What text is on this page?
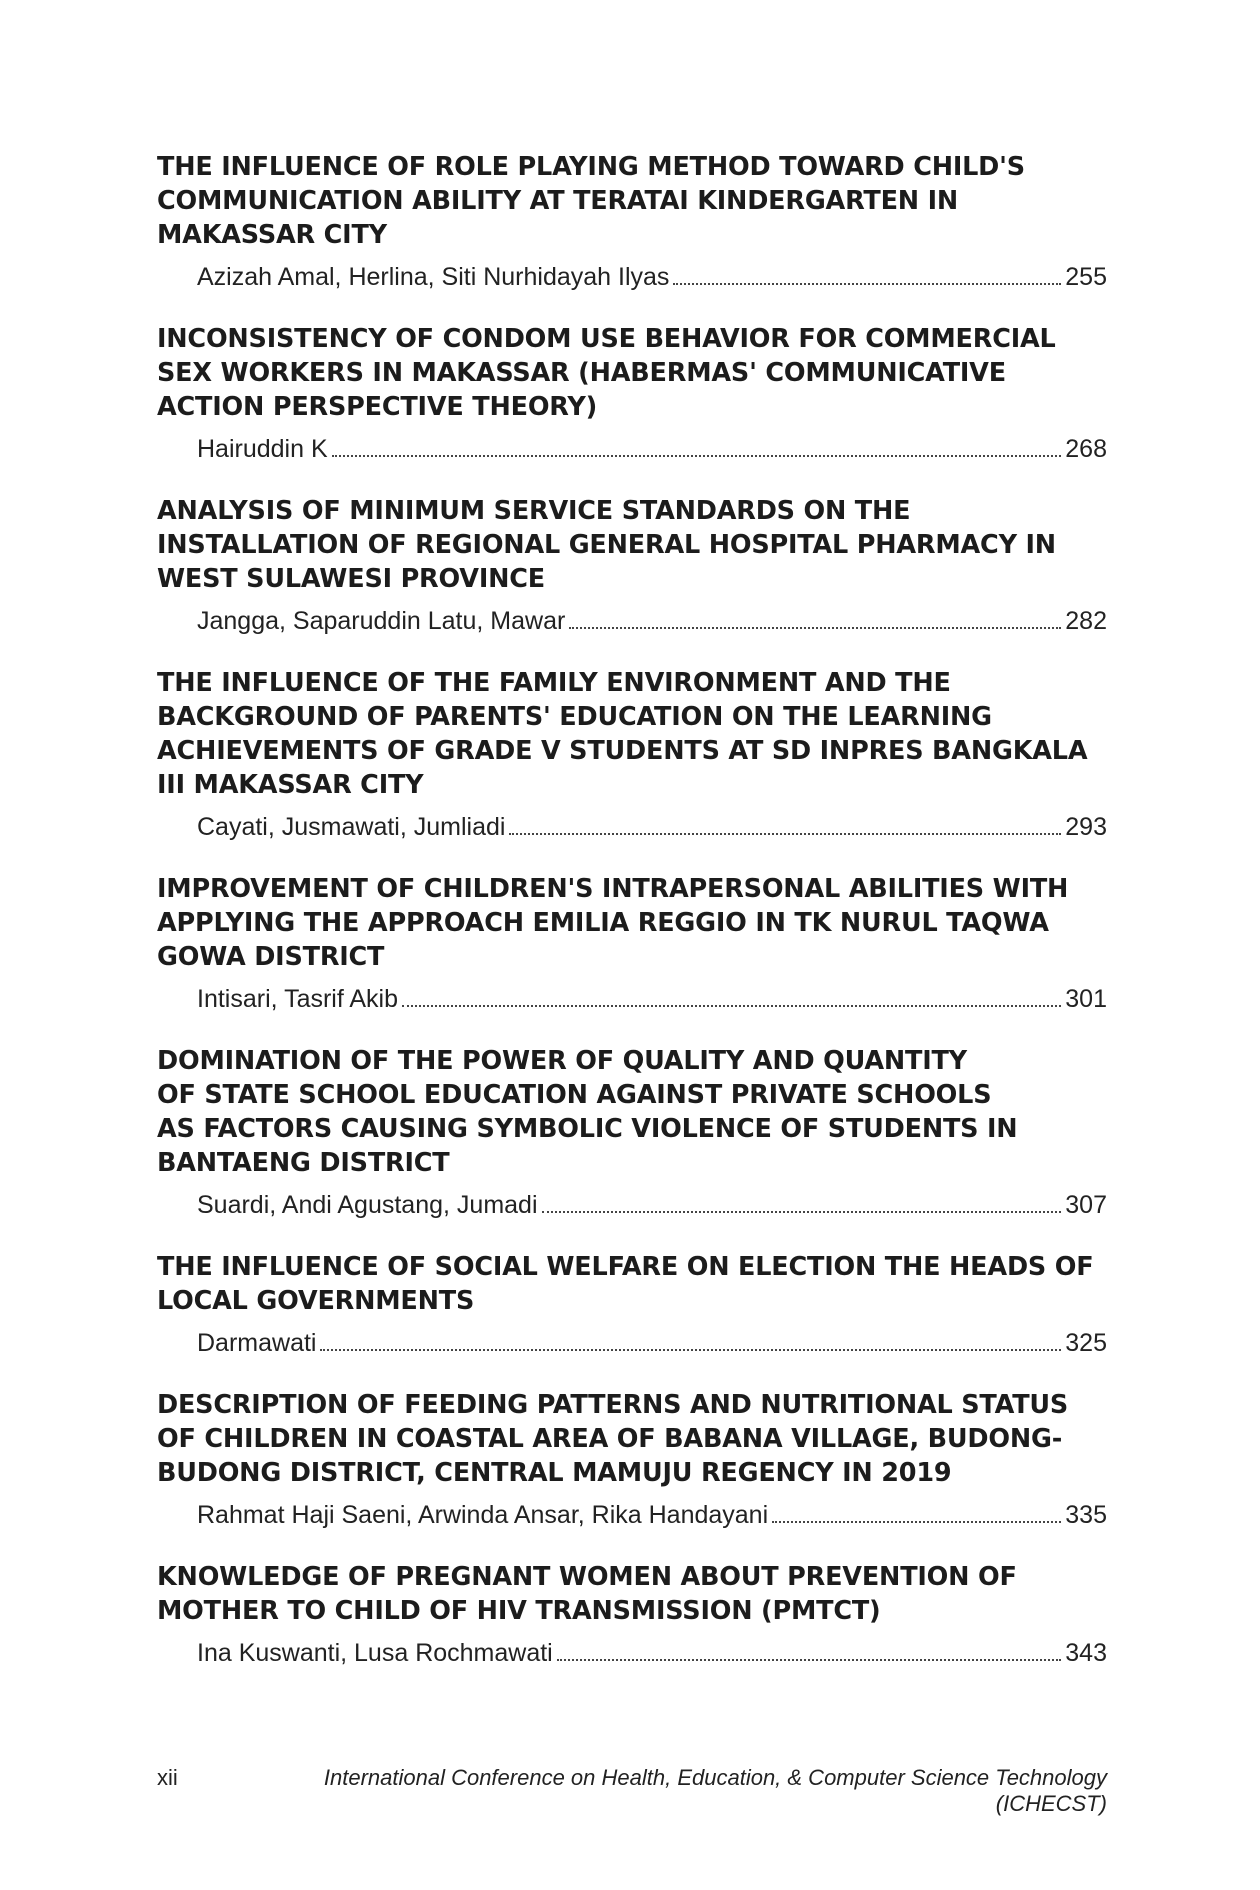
THE INFLUENCE OF ROLE PLAYING METHOD TOWARD CHILD'S
COMMUNICATION ABILITY AT TERATAI KINDERGARTEN IN
MAKASSAR CITY
Azizah Amal, Herlina, Siti Nurhidayah Ilyas	255
INCONSISTENCY OF CONDOM USE BEHAVIOR FOR COMMERCIAL
SEX WORKERS IN MAKASSAR (HABERMAS' COMMUNICATIVE
ACTION PERSPECTIVE THEORY)
Hairuddin K	268
ANALYSIS OF MINIMUM SERVICE STANDARDS ON THE
INSTALLATION OF REGIONAL GENERAL HOSPITAL PHARMACY IN
WEST SULAWESI PROVINCE
Jangga, Saparuddin Latu, Mawar	282
THE INFLUENCE OF THE FAMILY ENVIRONMENT AND THE
BACKGROUND OF PARENTS' EDUCATION ON THE LEARNING
ACHIEVEMENTS OF GRADE V STUDENTS AT SD INPRES BANGKALA
III MAKASSAR CITY
Cayati, Jusmawati, Jumliadi	293
IMPROVEMENT OF CHILDREN'S INTRAPERSONAL ABILITIES WITH
APPLYING THE APPROACH EMILIA REGGIO IN TK NURUL TAQWA
GOWA DISTRICT
Intisari, Tasrif Akib	301
DOMINATION OF THE POWER OF QUALITY AND QUANTITY
OF STATE SCHOOL EDUCATION AGAINST PRIVATE SCHOOLS
AS FACTORS CAUSING SYMBOLIC VIOLENCE OF STUDENTS IN
BANTAENG DISTRICT
Suardi, Andi Agustang, Jumadi	307
THE INFLUENCE OF SOCIAL WELFARE ON ELECTION THE HEADS OF
LOCAL GOVERNMENTS
Darmawati	325
DESCRIPTION OF FEEDING PATTERNS AND NUTRITIONAL STATUS
OF CHILDREN IN COASTAL AREA OF BABANA VILLAGE, BUDONG-
BUDONG DISTRICT, CENTRAL MAMUJU REGENCY IN 2019
Rahmat Haji Saeni, Arwinda Ansar, Rika Handayani	335
KNOWLEDGE OF PREGNANT WOMEN ABOUT PREVENTION OF
MOTHER TO CHILD OF HIV TRANSMISSION (PMTCT)
Ina Kuswanti, Lusa Rochmawati	343
xii	International Conference on Health, Education, & Computer Science Technology (ICHECST)
